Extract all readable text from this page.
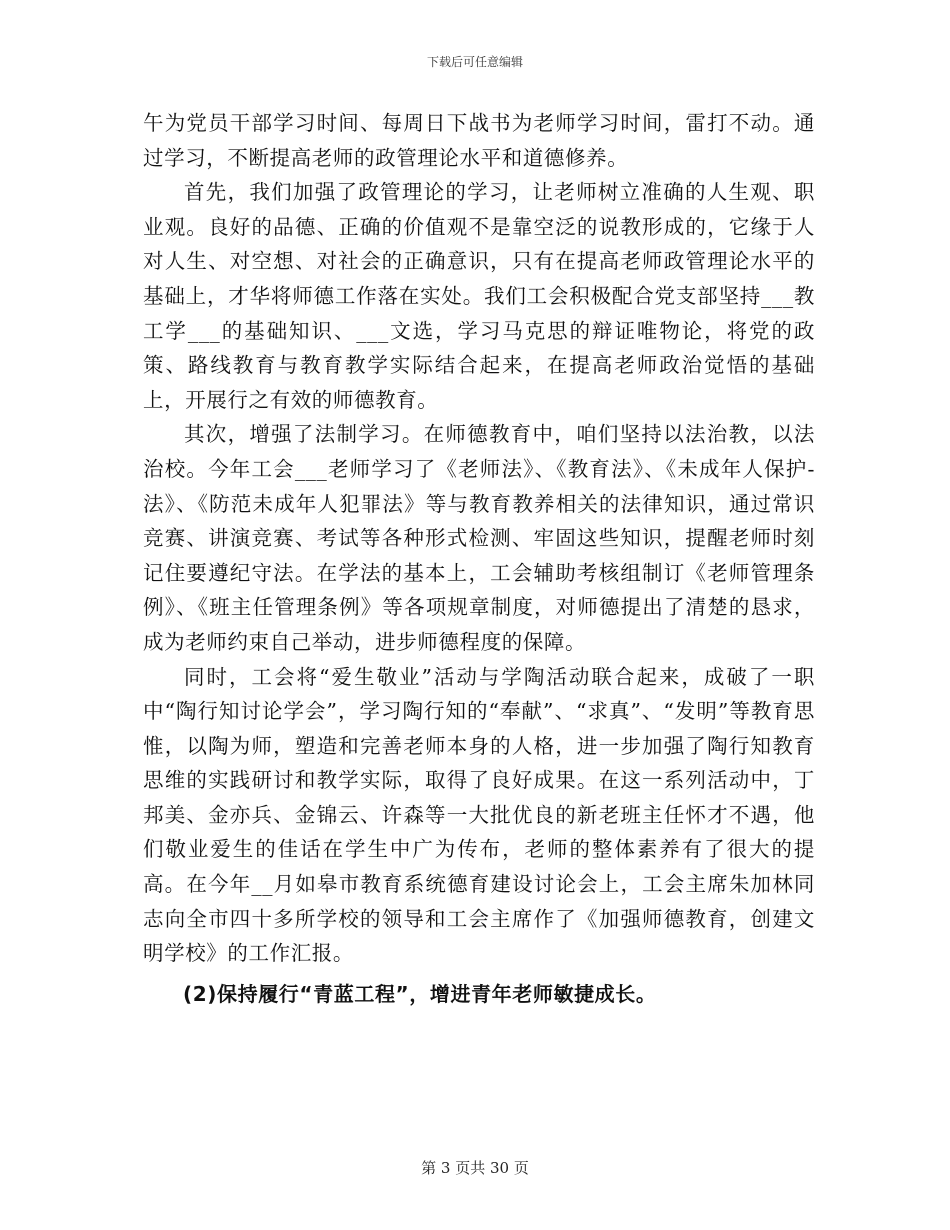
下载后可任意编辑

午为党员干部学习时间、每周日下战书为老师学习时间，雷打不动。通过学习，不断提高老师的政管理论水平和道德修养。

首先，我们加强了政管理论的学习，让老师树立准确的人生观、职业观。良好的品德、正确的价值观不是靠空泛的说教形成的，它缘于人对人生、对空想、对社会的正确意识，只有在提高老师政管理论水平的基础上，才华将师德工作落在实处。我们工会积极配合党支部坚持___教工学___的基础知识、___文选，学习马克思的辩证唯物论，将党的政策、路线教育与教育教学实际结合起来，在提高老师政治觉悟的基础上，开展行之有效的师德教育。

其次，增强了法制学习。在师德教育中，咱们坚持以法治教，以法治校。今年工会___老师学习了《老师法》、《教育法》、《未成年人保护-法》、《防范未成年人犯罪法》等与教育教养相关的法律知识，通过常识竞赛、讲演竞赛、考试等各种形式检测、牢固这些知识，提醒老师时刻记住要遵纪守法。在学法的基本上，工会辅助考核组制订《老师管理条例》、《班主任管理条例》等各项规章制度，对师德提出了清楚的恳求，成为老师约束自己举动，进步师德程度的保障。

同时，工会将“爱生敬业”活动与学陶活动联合起来，成破了一职中“陶行知讨论学会”，学习陶行知的“奉献”、“求真”、“发明”等教育思惟，以陶为师，塑造和完善老师本身的人格，进一步加强了陶行知教育思维的实践研讨和教学实际，取得了良好成果。在这一系列活动中，丁邦美、金亦兵、金锦云、许森等一大批优良的新老班主任怀才不遇，他们敬业爱生的佳话在学生中广为传布，老师的整体素养有了很大的提高。在今年__月如皋市教育系统德育建设讨论会上，工会主席朱加林同志向全市四十多所学校的领导和工会主席作了《加强师德教育，创建文明学校》的工作汇报。

(2)保持履行“青蓝工程”，增进青年老师敏捷成长。

第 3 页共 30 页
